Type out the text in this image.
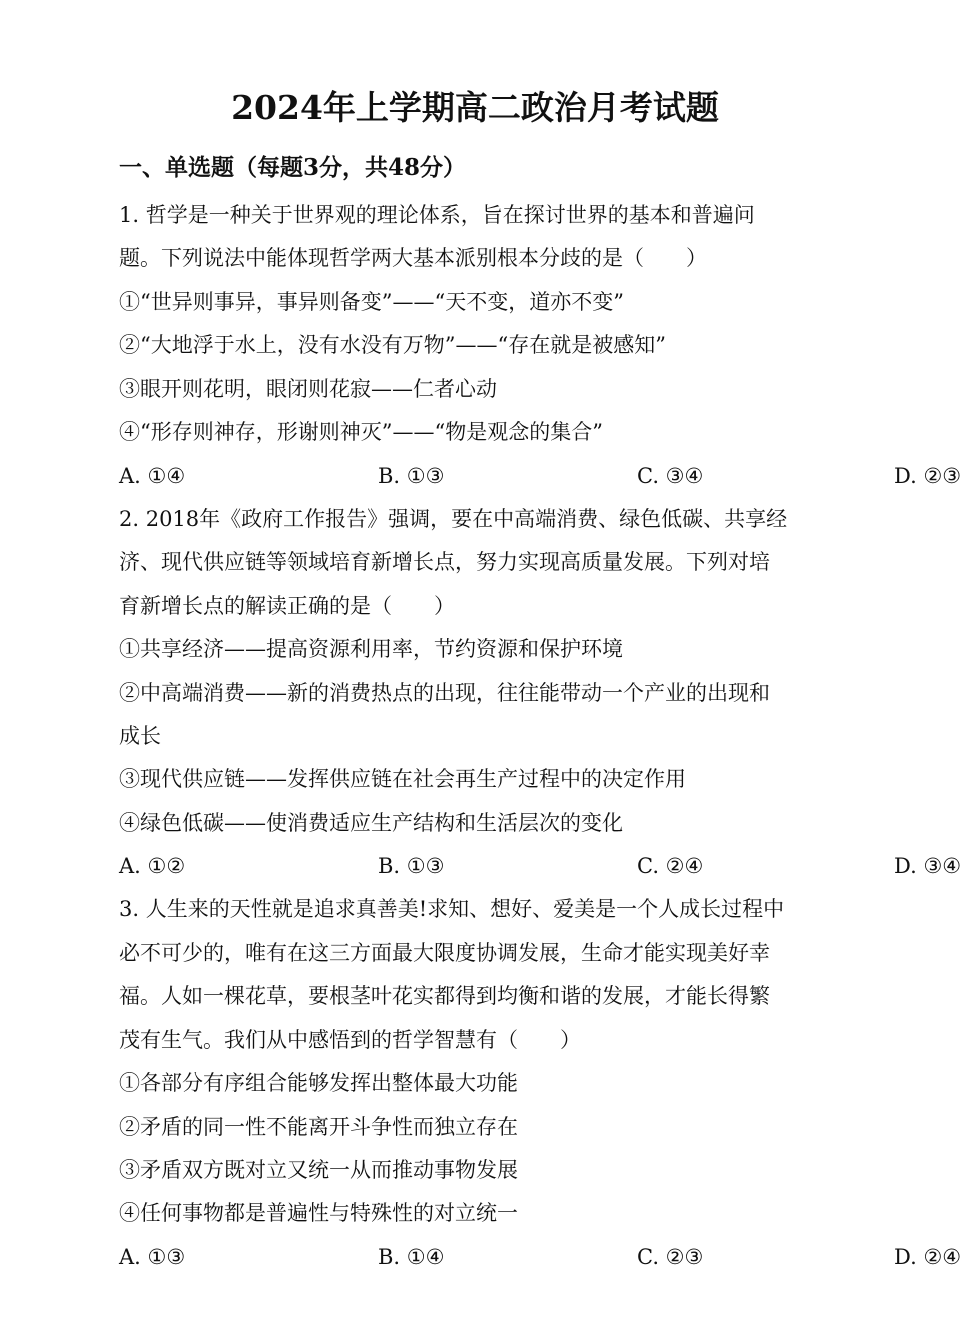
2024年上学期高二政治月考试题
一、单选题（每题3分，共48分）
1. 哲学是一种关于世界观的理论体系，旨在探讨世界的基本和普遍问
题。下列说法中能体现哲学两大基本派别根本分歧的是（　　）
①“世异则事异，事异则备变”——“天不变，道亦不变”
②“大地浮于水上，没有水没有万物”——“存在就是被感知”
③眼开则花明，眼闭则花寂——仁者心动
④“形存则神存，形谢则神灭”——“物是观念的集合”
A. ①④	B. ①③	C. ③④	D. ②③
2. 2018年《政府工作报告》强调，要在中高端消费、绿色低碳、共享经
济、现代供应链等领域培育新增长点，努力实现高质量发展。下列对培
育新增长点的解读正确的是（　　）
①共享经济——提高资源利用率，节约资源和保护环境
②中高端消费——新的消费热点的出现，往往能带动一个产业的出现和
成长
③现代供应链——发挥供应链在社会再生产过程中的决定作用
④绿色低碳——使消费适应生产结构和生活层次的变化
A. ①②	B. ①③	C. ②④	D. ③④
3. 人生来的天性就是追求真善美!求知、想好、爱美是一个人成长过程中
必不可少的，唯有在这三方面最大限度协调发展，生命才能实现美好幸
福。人如一棵花草，要根茎叶花实都得到均衡和谐的发展，才能长得繁
茂有生气。我们从中感悟到的哲学智慧有（　　）
①各部分有序组合能够发挥出整体最大功能
②矛盾的同一性不能离开斗争性而独立存在
③矛盾双方既对立又统一从而推动事物发展
④任何事物都是普遍性与特殊性的对立统一
A. ①③	B. ①④	C. ②③	D. ②④
